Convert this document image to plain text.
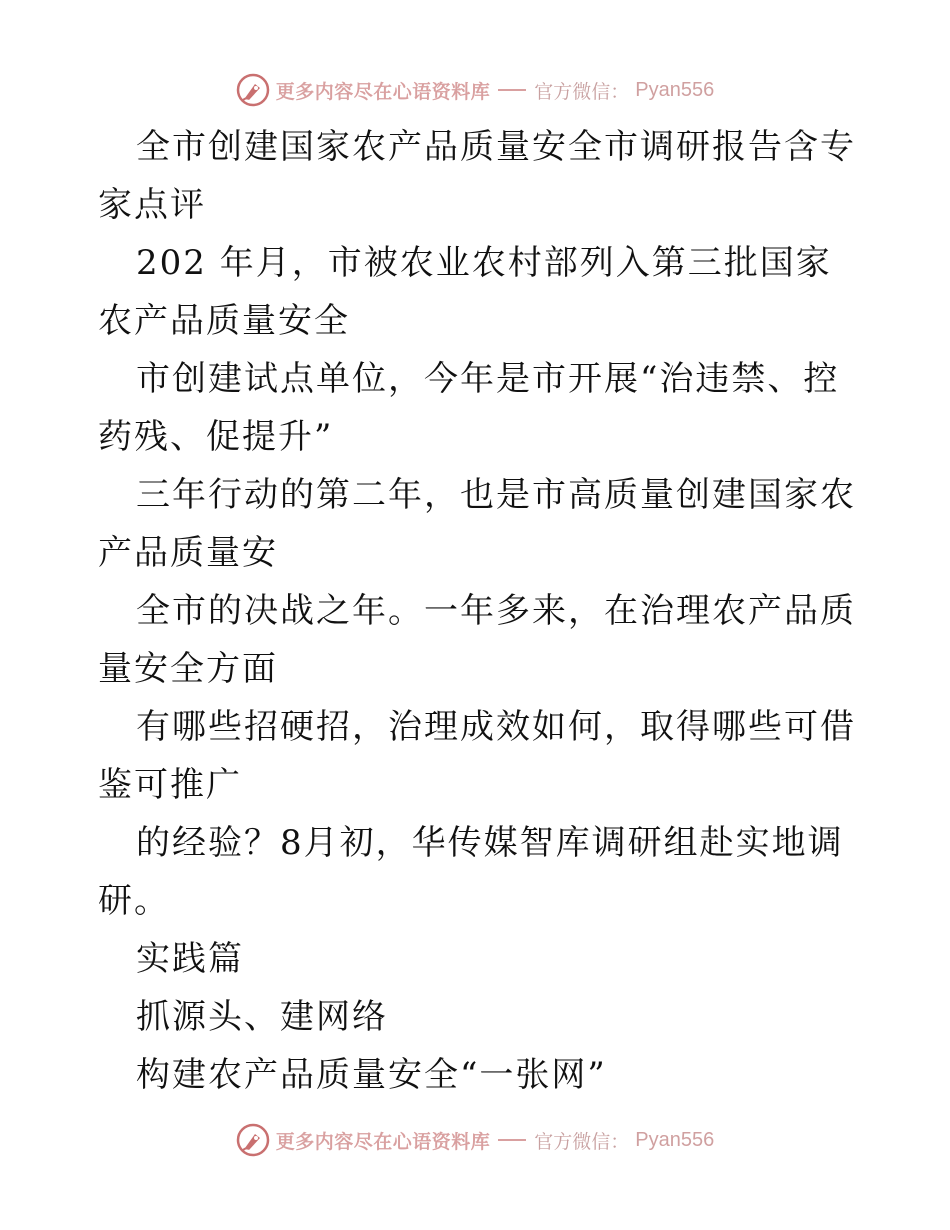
更多内容尽在心语资料库 官方微信： Pyan556

全市创建国家农产品质量安全市调研报告含专家点评

202 年月，市被农业农村部列入第三批国家农产品质量安全

市创建试点单位，今年是市开展“治违禁、控药残、促提升”

三年行动的第二年，也是市高质量创建国家农产品质量安

全市的决战之年。一年多来，在治理农产品质量安全方面

有哪些招硬招，治理成效如何，取得哪些可借鉴可推广

的经验？8月初，华传媒智库调研组赴实地调研。

实践篇

抓源头、建网络

构建农产品质量安全“一张网”

更多内容尽在心语资料库 官方微信： Pyan556
